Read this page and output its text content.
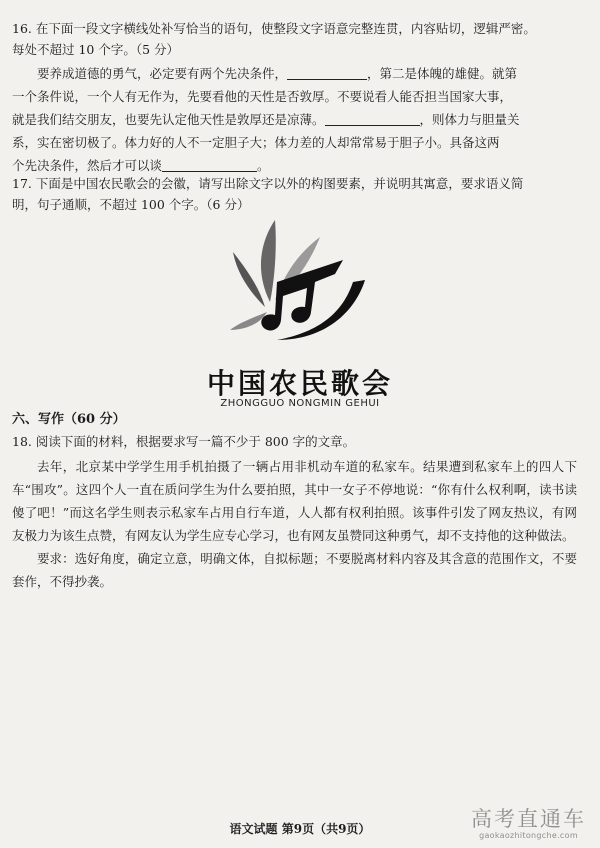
16. 在下面一段文字横线处补写恰当的语句，使整段文字语意完整连贯，内容贴切，逻辑严密。
每处不超过 10 个字。（5 分）

要养成道德的勇气，必定要有两个先决条件，	，第二是体魄的雄健。就第

一个条件说，一个人有无作为，先要看他的天性是否敦厚。不要说看人能否担当国家大事，

就是我们结交朋友，也要先认定他天性是敦厚还是凉薄。	，则体力与胆量关

系，实在密切极了。体力好的人不一定胆子大；体力差的人却常常易于胆子小。具备这两

个先决条件，然后才可以谈	。

17. 下面是中国农民歌会的会徽，请写出除文字以外的构图要素，并说明其寓意，要求语义简
明，句子通顺，不超过 100 个字。（6 分）
中国农民歌会
ZHONGGUO NONGMIN GEHUI
六、写作（60 分）
18. 阅读下面的材料，根据要求写一篇不少于 800 字的文章。

去年，北京某中学学生用手机拍摄了一辆占用非机动车道的私家车。结果遭到私家车上的四人下车“围攻”。这四个人一直在质问学生为什么要拍照，其中一女子不停地说：“你有什么权利啊，读书读傻了吧！”而这名学生则表示私家车占用自行车道，人人都有权利拍照。该事件引发了网友热议，有网友极力为该生点赞，有网友认为学生应专心学习，也有网友虽赞同这种勇气，却不支持他的这种做法。

要求：选好角度，确定立意，明确文体，自拟标题；不要脱离材料内容及其含意的范围作文，不要套作，不得抄袭。

高考直通车
gaokaozhitongche.com
语文试题 第9页（共9页）
